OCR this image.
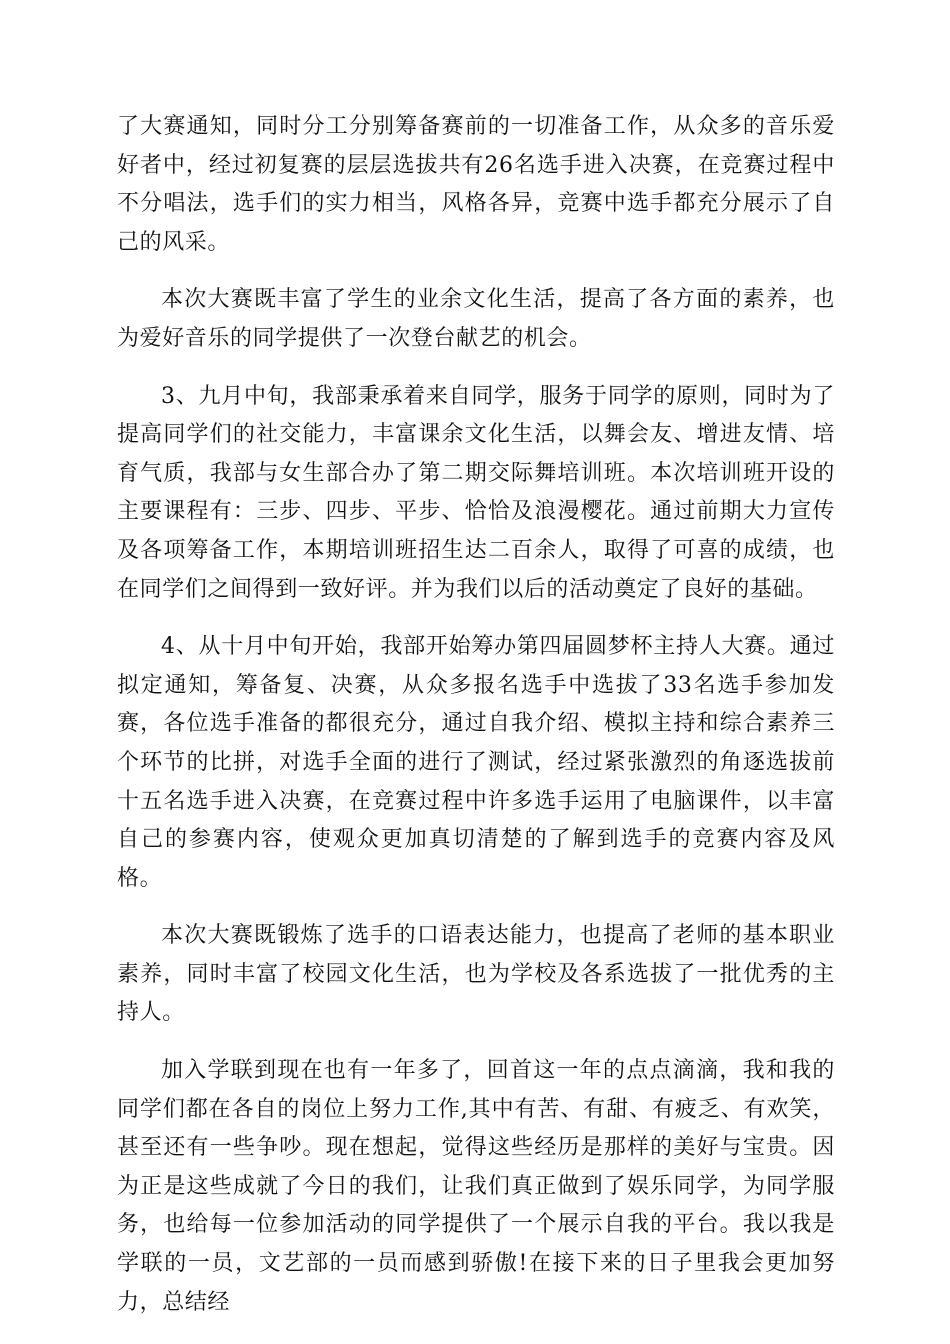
了大赛通知，同时分工分别筹备赛前的一切准备工作，从众多的音乐爱好者中，经过初复赛的层层选拔共有26名选手进入决赛，在竞赛过程中不分唱法，选手们的实力相当，风格各异，竞赛中选手都充分展示了自己的风采。

本次大赛既丰富了学生的业余文化生活，提高了各方面的素养，也为爱好音乐的同学提供了一次登台献艺的机会。

3、九月中旬，我部秉承着来自同学，服务于同学的原则，同时为了提高同学们的社交能力，丰富课余文化生活，以舞会友、增进友情、培育气质，我部与女生部合办了第二期交际舞培训班。本次培训班开设的主要课程有：三步、四步、平步、恰恰及浪漫樱花。通过前期大力宣传及各项筹备工作，本期培训班招生达二百余人，取得了可喜的成绩，也在同学们之间得到一致好评。并为我们以后的活动奠定了良好的基础。

4、从十月中旬开始，我部开始筹办第四届圆梦杯主持人大赛。通过拟定通知，筹备复、决赛，从众多报名选手中选拔了33名选手参加发赛，各位选手准备的都很充分，通过自我介绍、模拟主持和综合素养三个环节的比拼，对选手全面的进行了测试，经过紧张激烈的角逐选拔前十五名选手进入决赛，在竞赛过程中许多选手运用了电脑课件，以丰富自己的参赛内容，使观众更加真切清楚的了解到选手的竞赛内容及风格。

本次大赛既锻炼了选手的口语表达能力，也提高了老师的基本职业素养，同时丰富了校园文化生活，也为学校及各系选拔了一批优秀的主持人。

加入学联到现在也有一年多了，回首这一年的点点滴滴，我和我的同学们都在各自的岗位上努力工作,其中有苦、有甜、有疲乏、有欢笑，甚至还有一些争吵。现在想起，觉得这些经历是那样的美好与宝贵。因为正是这些成就了今日的我们，让我们真正做到了娱乐同学，为同学服务，也给每一位参加活动的同学提供了一个展示自我的平台。我以我是学联的一员，文艺部的一员而感到骄傲!在接下来的日子里我会更加努力，总结经
